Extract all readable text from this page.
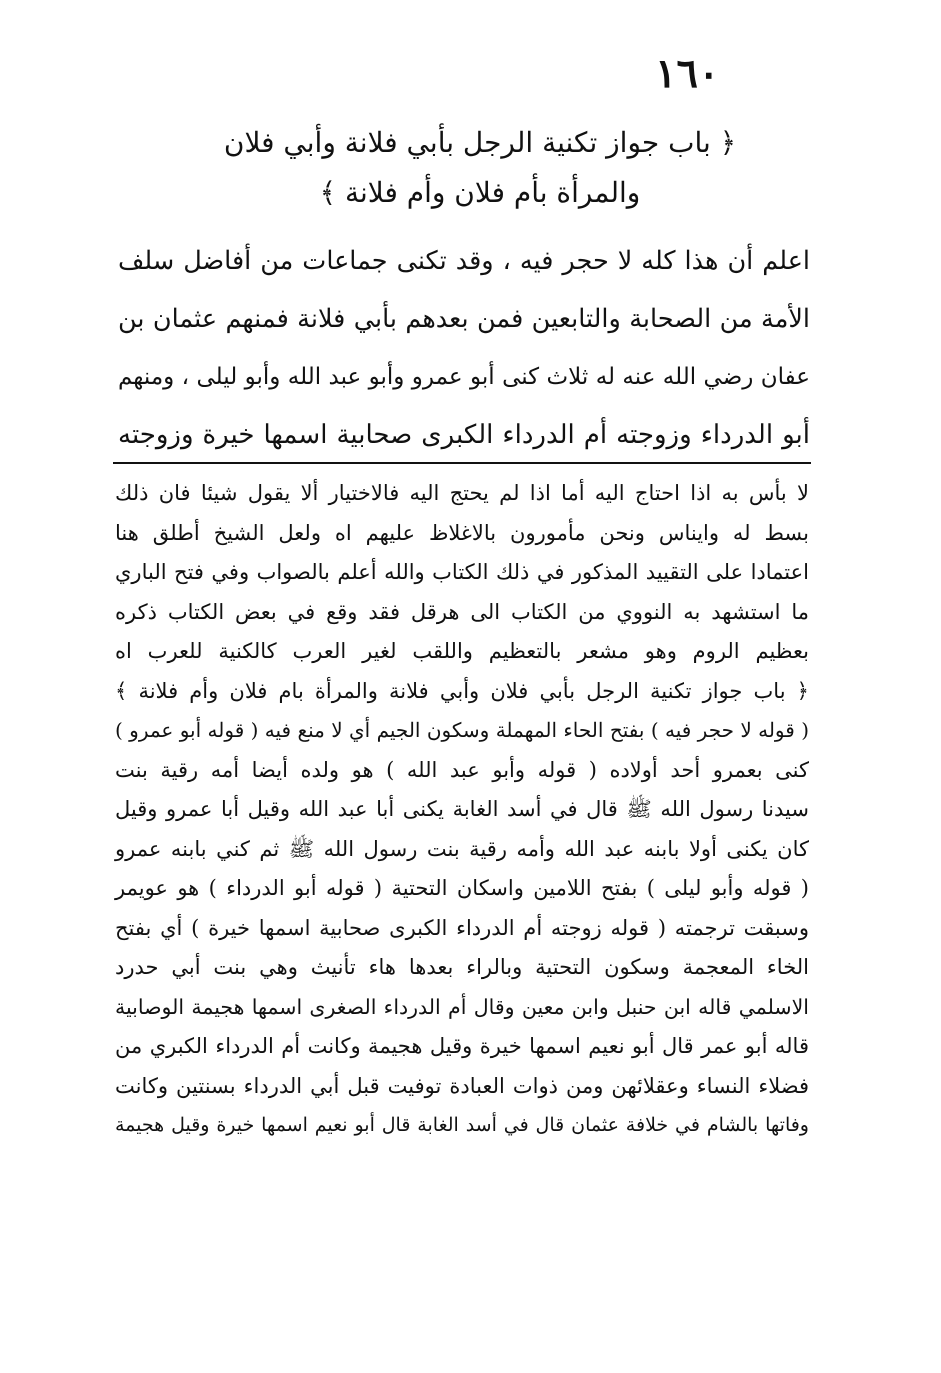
١٦٠
﴿ باب جواز تكنية الرجل بأبي فلانة وأبي فلان
والمرأة بأم فلان وأم فلانة ﴾
اعلم أن هذا كله لا حجر فيه ، وقد تكنى جماعات من أفاضل سلف
الأمة من الصحابة والتابعين فمن بعدهم بأبي فلانة فمنهم عثمان بن
عفان رضي الله عنه له ثلاث كنى أبو عمرو وأبو عبد الله وأبو ليلى ، ومنهم
أبو الدرداء وزوجته أم الدرداء الكبرى صحابية اسمها خيرة وزوجته
لا بأس به اذا احتاج اليه أما اذا لم يحتج اليه فالاختيار ألا يقول شيئا فان ذلك
بسط له وايناس ونحن مأمورون بالاغلاظ عليهم اه ولعل الشيخ أطلق هنا
اعتمادا على التقييد المذكور في ذلك الكتاب والله أعلم بالصواب وفي فتح الباري
ما استشهد به النووي من الكتاب الى هرقل فقد وقع في بعض الكتاب ذكره
بعظيم الروم وهو مشعر بالتعظيم واللقب لغير العرب كالكنية للعرب اه
﴿ باب جواز تكنية الرجل بأبي فلان وأبي فلانة والمرأة بام فلان وأم فلانة ﴾
( قوله لا حجر فيه ) بفتح الحاء المهملة وسكون الجيم أي لا منع فيه ( قوله أبو عمرو )
كنى بعمرو أحد أولاده ( قوله وأبو عبد الله ) هو ولده أيضا أمه رقية بنت
سيدنا رسول الله ﷺ قال في أسد الغابة يكنى أبا عبد الله وقيل أبا عمرو وقيل
كان يكنى أولا بابنه عبد الله وأمه رقية بنت رسول الله ﷺ ثم كني بابنه عمرو
( قوله وأبو ليلى ) بفتح اللامين واسكان التحتية ( قوله أبو الدرداء ) هو عويمر
وسبقت ترجمته ( قوله زوجته أم الدرداء الكبرى صحابية اسمها خيرة ) أي بفتح
الخاء المعجمة وسكون التحتية وبالراء بعدها هاء تأنيث وهي بنت أبي حدرد
الاسلمي قاله ابن حنبل وابن معين وقال أم الدرداء الصغرى اسمها هجيمة الوصابية
قاله أبو عمر قال أبو نعيم اسمها خيرة وقيل هجيمة وكانت أم الدرداء الكبري من
فضلاء النساء وعقلائهن ومن ذوات العبادة توفيت قبل أبي الدرداء بسنتين وكانت
وفاتها بالشام في خلافة عثمان قال في أسد الغابة قال أبو نعيم اسمها خيرة وقيل هجيمة
